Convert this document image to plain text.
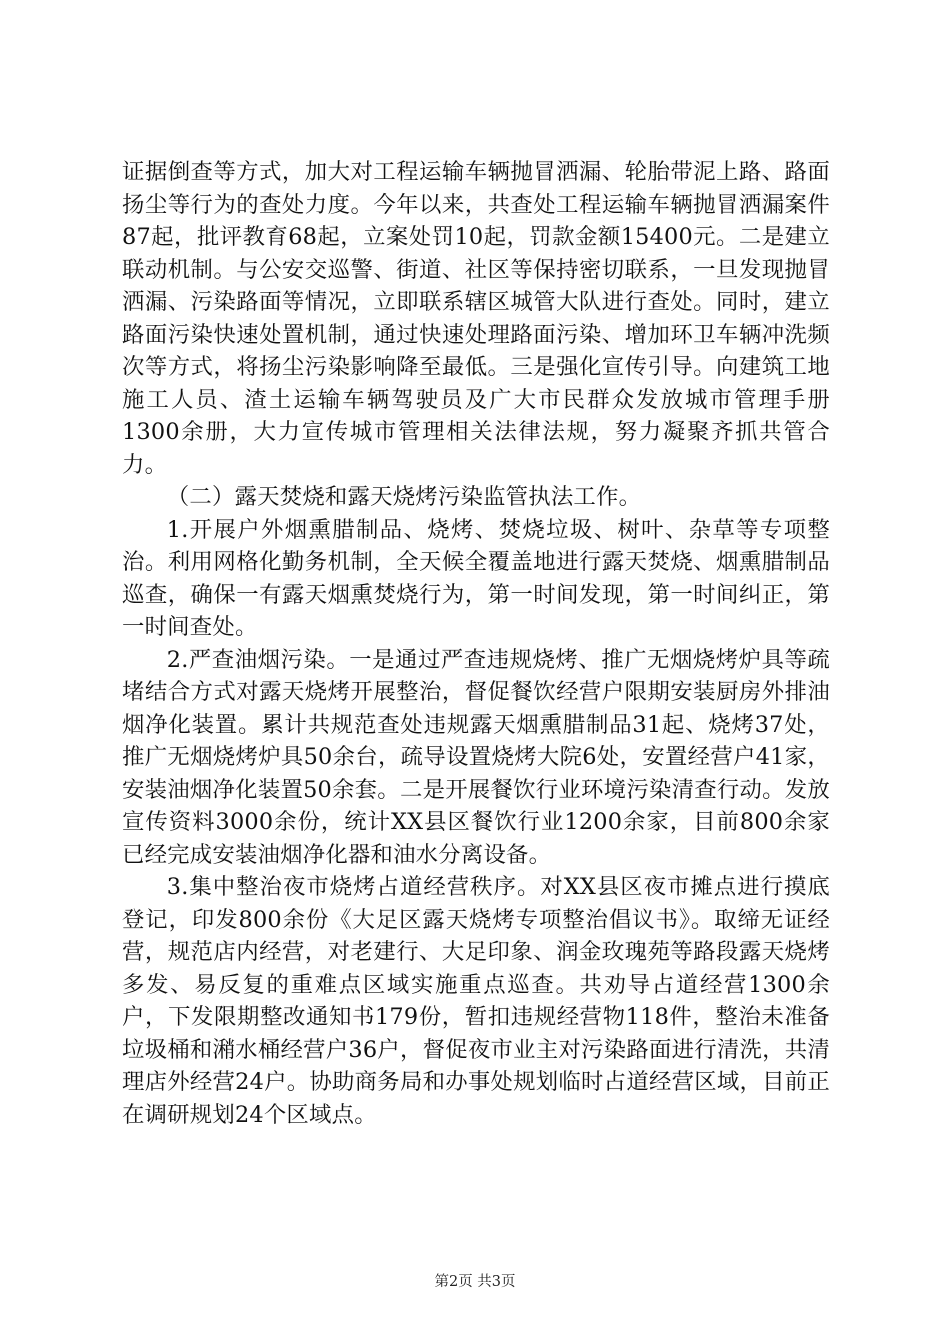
证据倒查等方式，加大对工程运输车辆抛冒洒漏、轮胎带泥上路、路面扬尘等行为的查处力度。今年以来，共查处工程运输车辆抛冒洒漏案件87起，批评教育68起，立案处罚10起，罚款金额15400元。二是建立联动机制。与公安交巡警、街道、社区等保持密切联系，一旦发现抛冒洒漏、污染路面等情况，立即联系辖区城管大队进行查处。同时，建立路面污染快速处置机制，通过快速处理路面污染、增加环卫车辆冲洗频次等方式，将扬尘污染影响降至最低。三是强化宣传引导。向建筑工地施工人员、渣土运输车辆驾驶员及广大市民群众发放城市管理手册1300余册，大力宣传城市管理相关法律法规，努力凝聚齐抓共管合力。

（二）露天焚烧和露天烧烤污染监管执法工作。

1.开展户外烟熏腊制品、烧烤、焚烧垃圾、树叶、杂草等专项整治。利用网格化勤务机制，全天候全覆盖地进行露天焚烧、烟熏腊制品巡查，确保一有露天烟熏焚烧行为，第一时间发现，第一时间纠正，第一时间查处。

2.严查油烟污染。一是通过严查违规烧烤、推广无烟烧烤炉具等疏堵结合方式对露天烧烤开展整治，督促餐饮经营户限期安装厨房外排油烟净化装置。累计共规范查处违规露天烟熏腊制品31起、烧烤37处，推广无烟烧烤炉具50余台，疏导设置烧烤大院6处，安置经营户41家，安装油烟净化装置50余套。二是开展餐饮行业环境污染清查行动。发放宣传资料3000余份，统计XX县区餐饮行业1200余家，目前800余家已经完成安装油烟净化器和油水分离设备。

3.集中整治夜市烧烤占道经营秩序。对XX县区夜市摊点进行摸底登记，印发800余份《大足区露天烧烤专项整治倡议书》。取缔无证经营，规范店内经营，对老建行、大足印象、润金玫瑰苑等路段露天烧烤多发、易反复的重难点区域实施重点巡查。共劝导占道经营1300余户，下发限期整改通知书179份，暂扣违规经营物118件，整治未准备垃圾桶和潲水桶经营户36户，督促夜市业主对污染路面进行清洗，共清理店外经营24户。协助商务局和办事处规划临时占道经营区域，目前正在调研规划24个区域点。

第2页 共3页
